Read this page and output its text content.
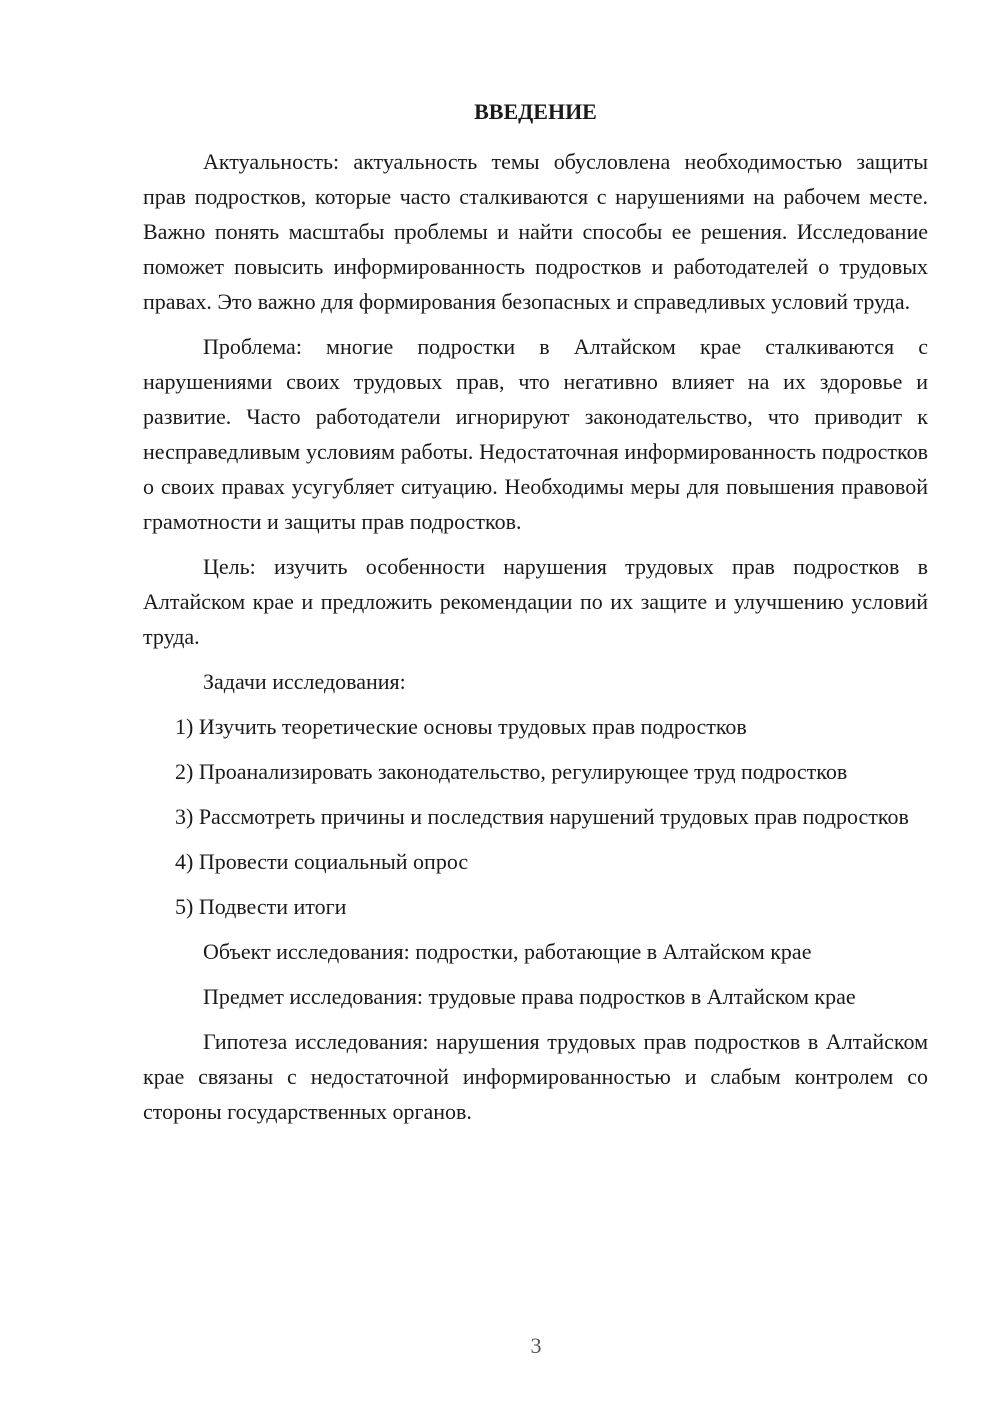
ВВЕДЕНИЕ

Актуальность: актуальность темы обусловлена необходимостью защиты прав подростков, которые часто сталкиваются с нарушениями на рабочем месте. Важно понять масштабы проблемы и найти способы ее решения. Исследование поможет повысить информированность подростков и работодателей о трудовых правах. Это важно для формирования безопасных и справедливых условий труда.

Проблема: многие подростки в Алтайском крае сталкиваются с нарушениями своих трудовых прав, что негативно влияет на их здоровье и развитие. Часто работодатели игнорируют законодательство, что приводит к несправедливым условиям работы. Недостаточная информированность подростков о своих правах усугубляет ситуацию. Необходимы меры для повышения правовой грамотности и защиты прав подростков.

Цель: изучить особенности нарушения трудовых прав подростков в Алтайском крае и предложить рекомендации по их защите и улучшению условий труда.

Задачи исследования:

1) Изучить теоретические основы трудовых прав подростков

2) Проанализировать законодательство, регулирующее труд подростков

3) Рассмотреть причины и последствия нарушений трудовых прав подростков

4) Провести социальный опрос

5) Подвести итоги

Объект исследования: подростки, работающие в Алтайском крае

Предмет исследования: трудовые права подростков в Алтайском крае

Гипотеза исследования: нарушения трудовых прав подростков в Алтайском крае связаны с недостаточной информированностью и слабым контролем со стороны государственных органов.

3
